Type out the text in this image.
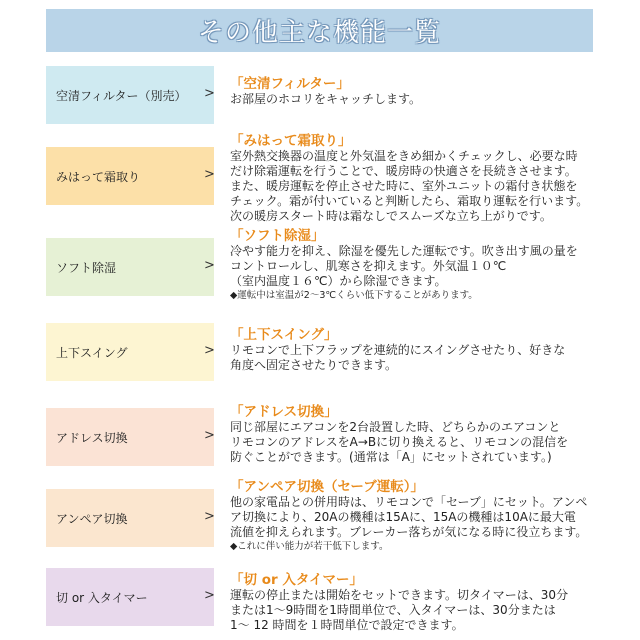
その他主な機能一覧
空清フィルター（別売） >
「空清フィルター」
お部屋のホコリをキャッチします。
みはって霜取り	>
「みはって霜取り」
室外熱交換器の温度と外気温をきめ細かくチェックし、必要な時
だけ除霜運転を行うことで、暖房時の快適さを長続きさせます。
また、暖房運転を停止させた時に、室外ユニットの霜付き状態を
チェック。霜が付いていると判断したら、霜取り運転を行います。
次の暖房スタート時は霜なしでスムーズな立ち上がりです。
ソフト除湿	>
「ソフト除湿」
冷やす能力を抑え、除湿を優先した運転です。吹き出す風の量を
コントロールし、肌寒さを抑えます。外気温１０℃
（室内温度１６℃）から除湿できます。
◆運転中は室温が2～3℃くらい低下することがあります。
上下スイング	>
「上下スイング」
リモコンで上下フラップを連続的にスイングさせたり、好きな
角度へ固定させたりできます。
アドレス切換	>
「アドレス切換」
同じ部屋にエアコンを2台設置した時、どちらかのエアコンと
リモコンのアドレスをA→Bに切り換えると、リモコンの混信を
防ぐことができます。(通常は「A」にセットされています。)
アンペア切換	>
「アンペア切換（セーブ運転）」
他の家電品との併用時は、リモコンで「セーブ」にセット。アンペ
ア切換により、20Aの機種は15Aに、15Aの機種は10Aに最大電
流値を抑えられます。ブレーカー落ちが気になる時に役立ちます。
◆これに伴い能力が若干低下します。
切 or 入タイマー	>
「切 or 入タイマー」
運転の停止または開始をセットできます。切タイマーは、30分
または1～9時間を1時間単位で、入タイマーは、30分または
1～ 12 時間を１時間単位で設定できます。
